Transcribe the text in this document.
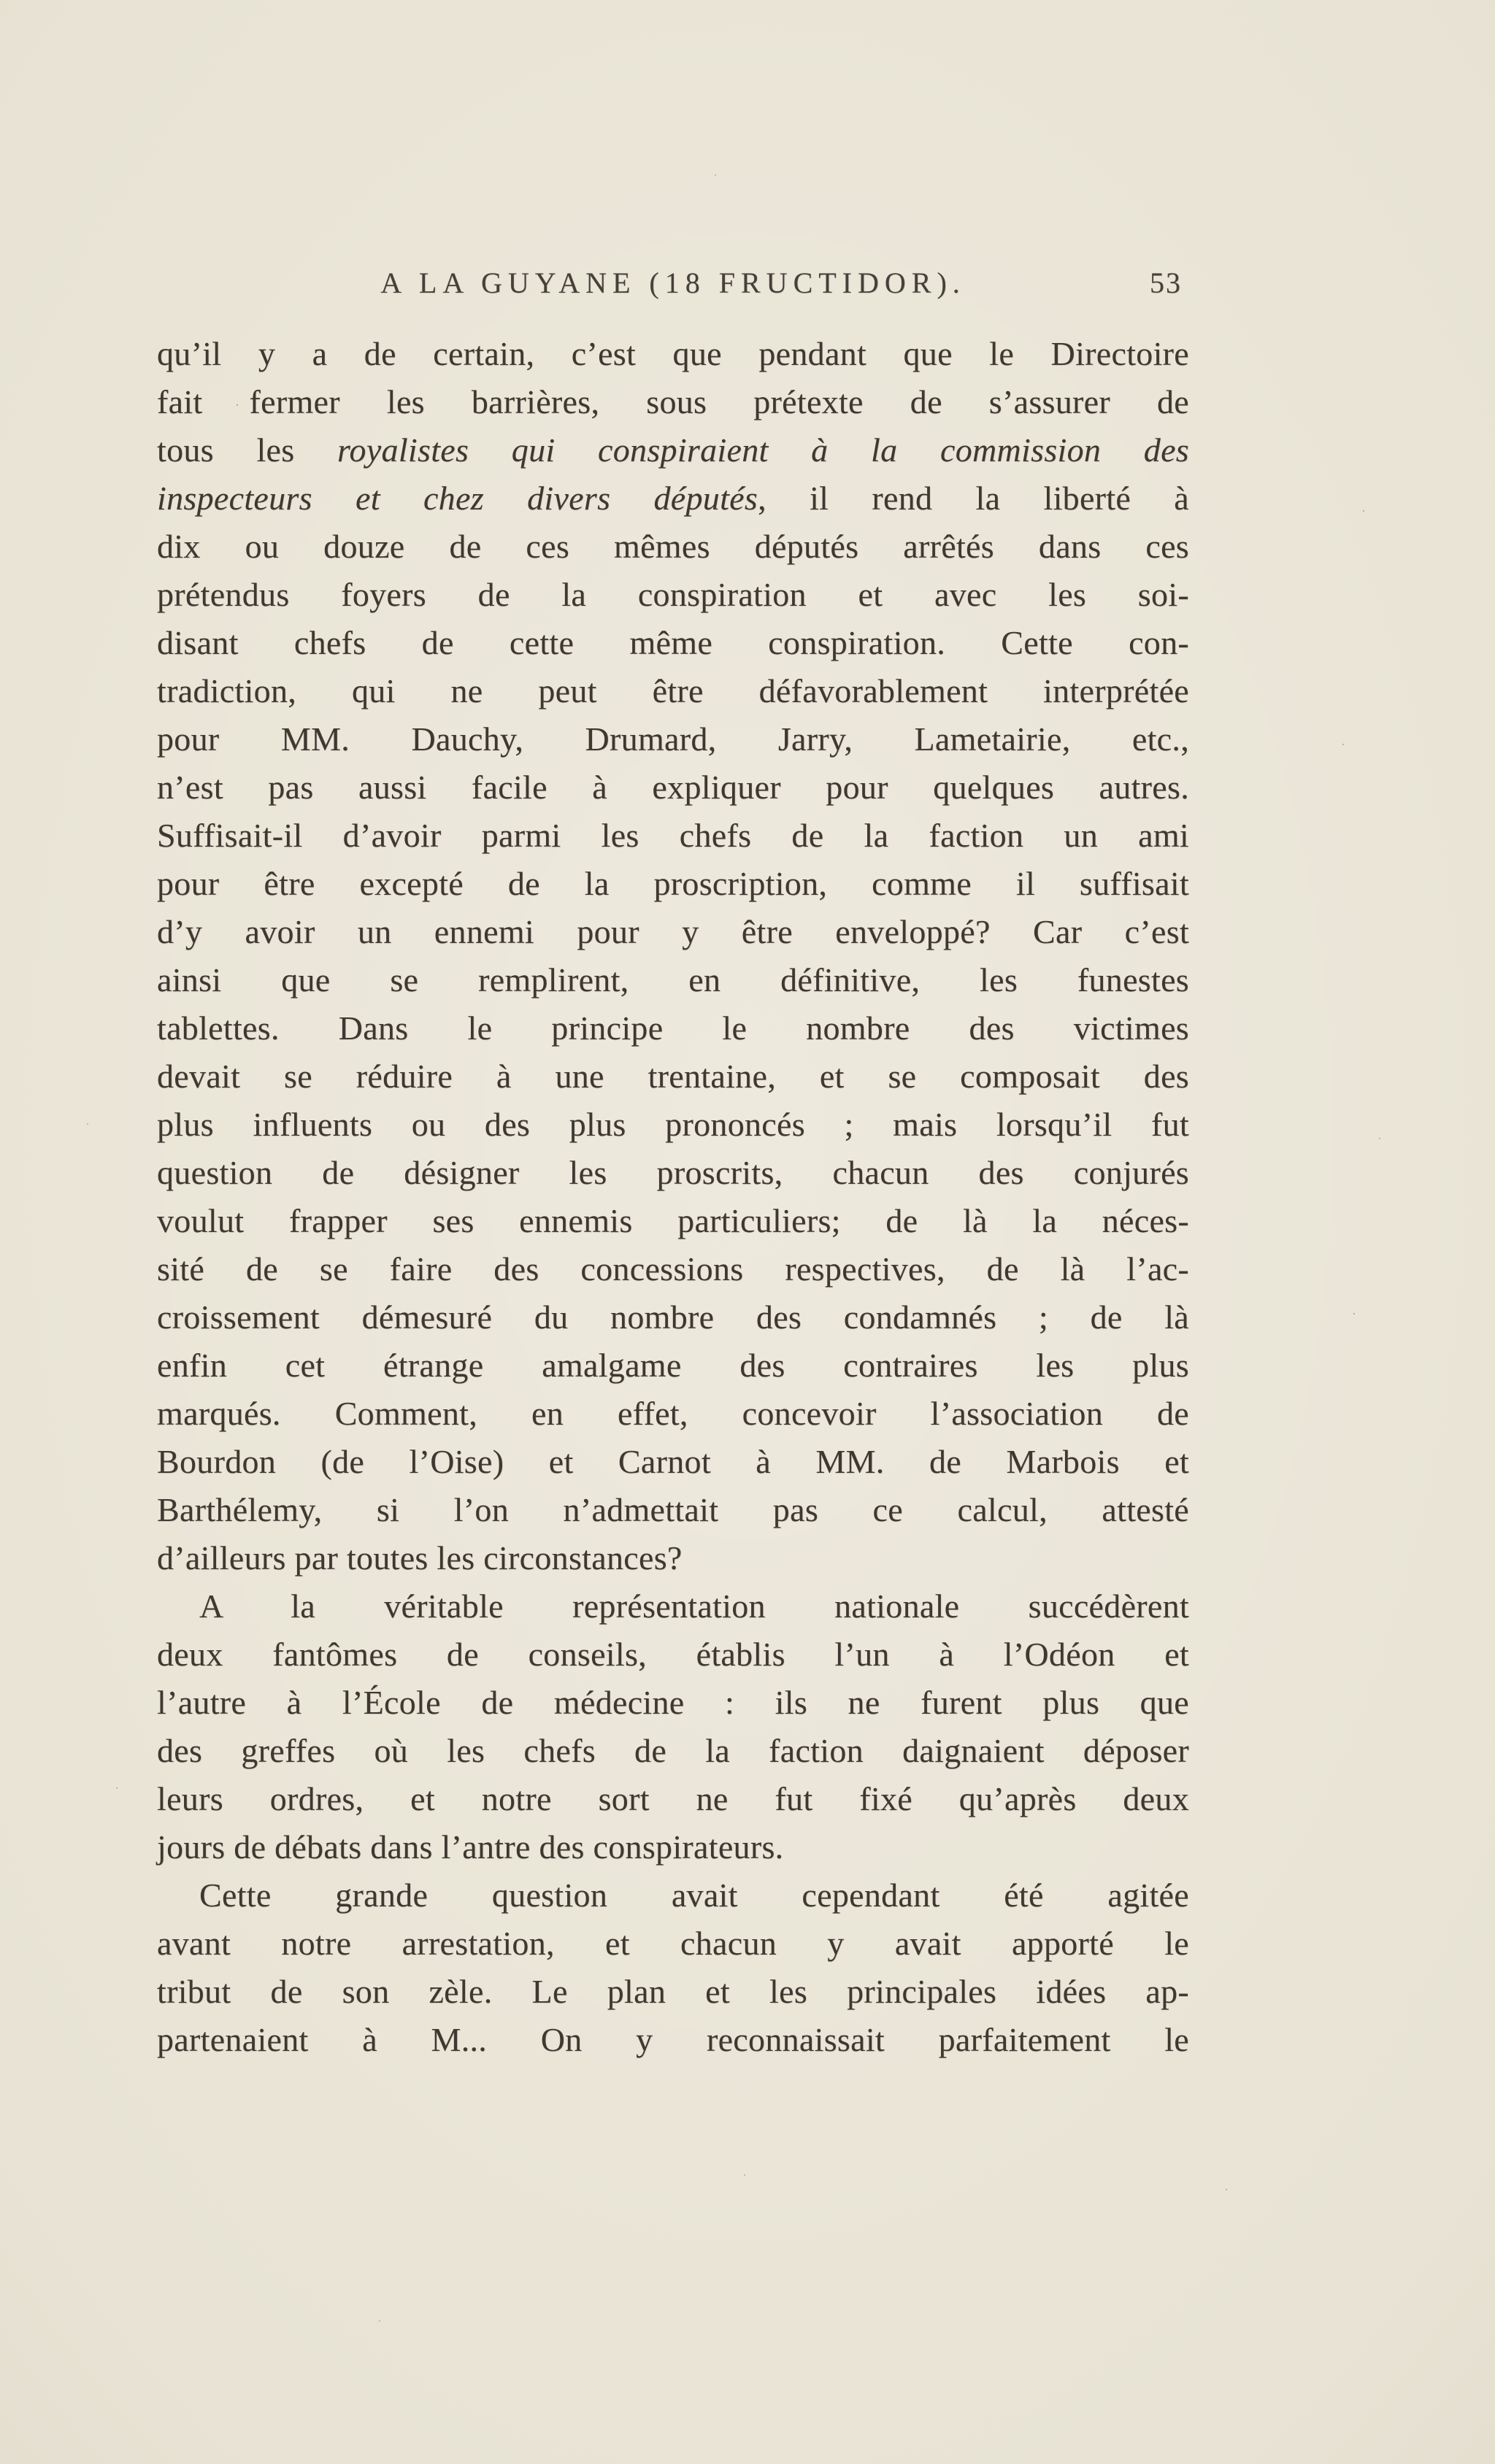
A LA GUYANE (18 FRUCTIDOR).	53
qu’il y a de certain, c’est que pendant que le Directoire
fait fermer les barrières, sous prétexte de s’assurer de
tous les royalistes qui conspiraient à la commission des
inspecteurs et chez divers députés, il rend la liberté à
dix ou douze de ces mêmes députés arrêtés dans ces
prétendus foyers de la conspiration et avec les soi-
disant chefs de cette même conspiration. Cette con-
tradiction, qui ne peut être défavorablement interprétée
pour MM. Dauchy, Drumard, Jarry, Lametairie, etc.,
n’est pas aussi facile à expliquer pour quelques autres.
Suffisait-il d’avoir parmi les chefs de la faction un ami
pour être excepté de la proscription, comme il suffisait
d’y avoir un ennemi pour y être enveloppé? Car c’est
ainsi que se remplirent, en définitive, les funestes
tablettes. Dans le principe le nombre des victimes
devait se réduire à une trentaine, et se composait des
plus influents ou des plus prononcés ; mais lorsqu’il fut
question de désigner les proscrits, chacun des conjurés
voulut frapper ses ennemis particuliers; de là la néces-
sité de se faire des concessions respectives, de là l’ac-
croissement démesuré du nombre des condamnés ; de là
enfin cet étrange amalgame des contraires les plus
marqués. Comment, en effet, concevoir l’association de
Bourdon (de l’Oise) et Carnot à MM. de Marbois et
Barthélemy, si l’on n’admettait pas ce calcul, attesté
d’ailleurs par toutes les circonstances?
A la véritable représentation nationale succédèrent
deux fantômes de conseils, établis l’un à l’Odéon et
l’autre à l’École de médecine : ils ne furent plus que
des greffes où les chefs de la faction daignaient déposer
leurs ordres, et notre sort ne fut fixé qu’après deux
jours de débats dans l’antre des conspirateurs.
Cette grande question avait cependant été agitée
avant notre arrestation, et chacun y avait apporté le
tribut de son zèle. Le plan et les principales idées ap-
partenaient à M... On y reconnaissait parfaitement le
